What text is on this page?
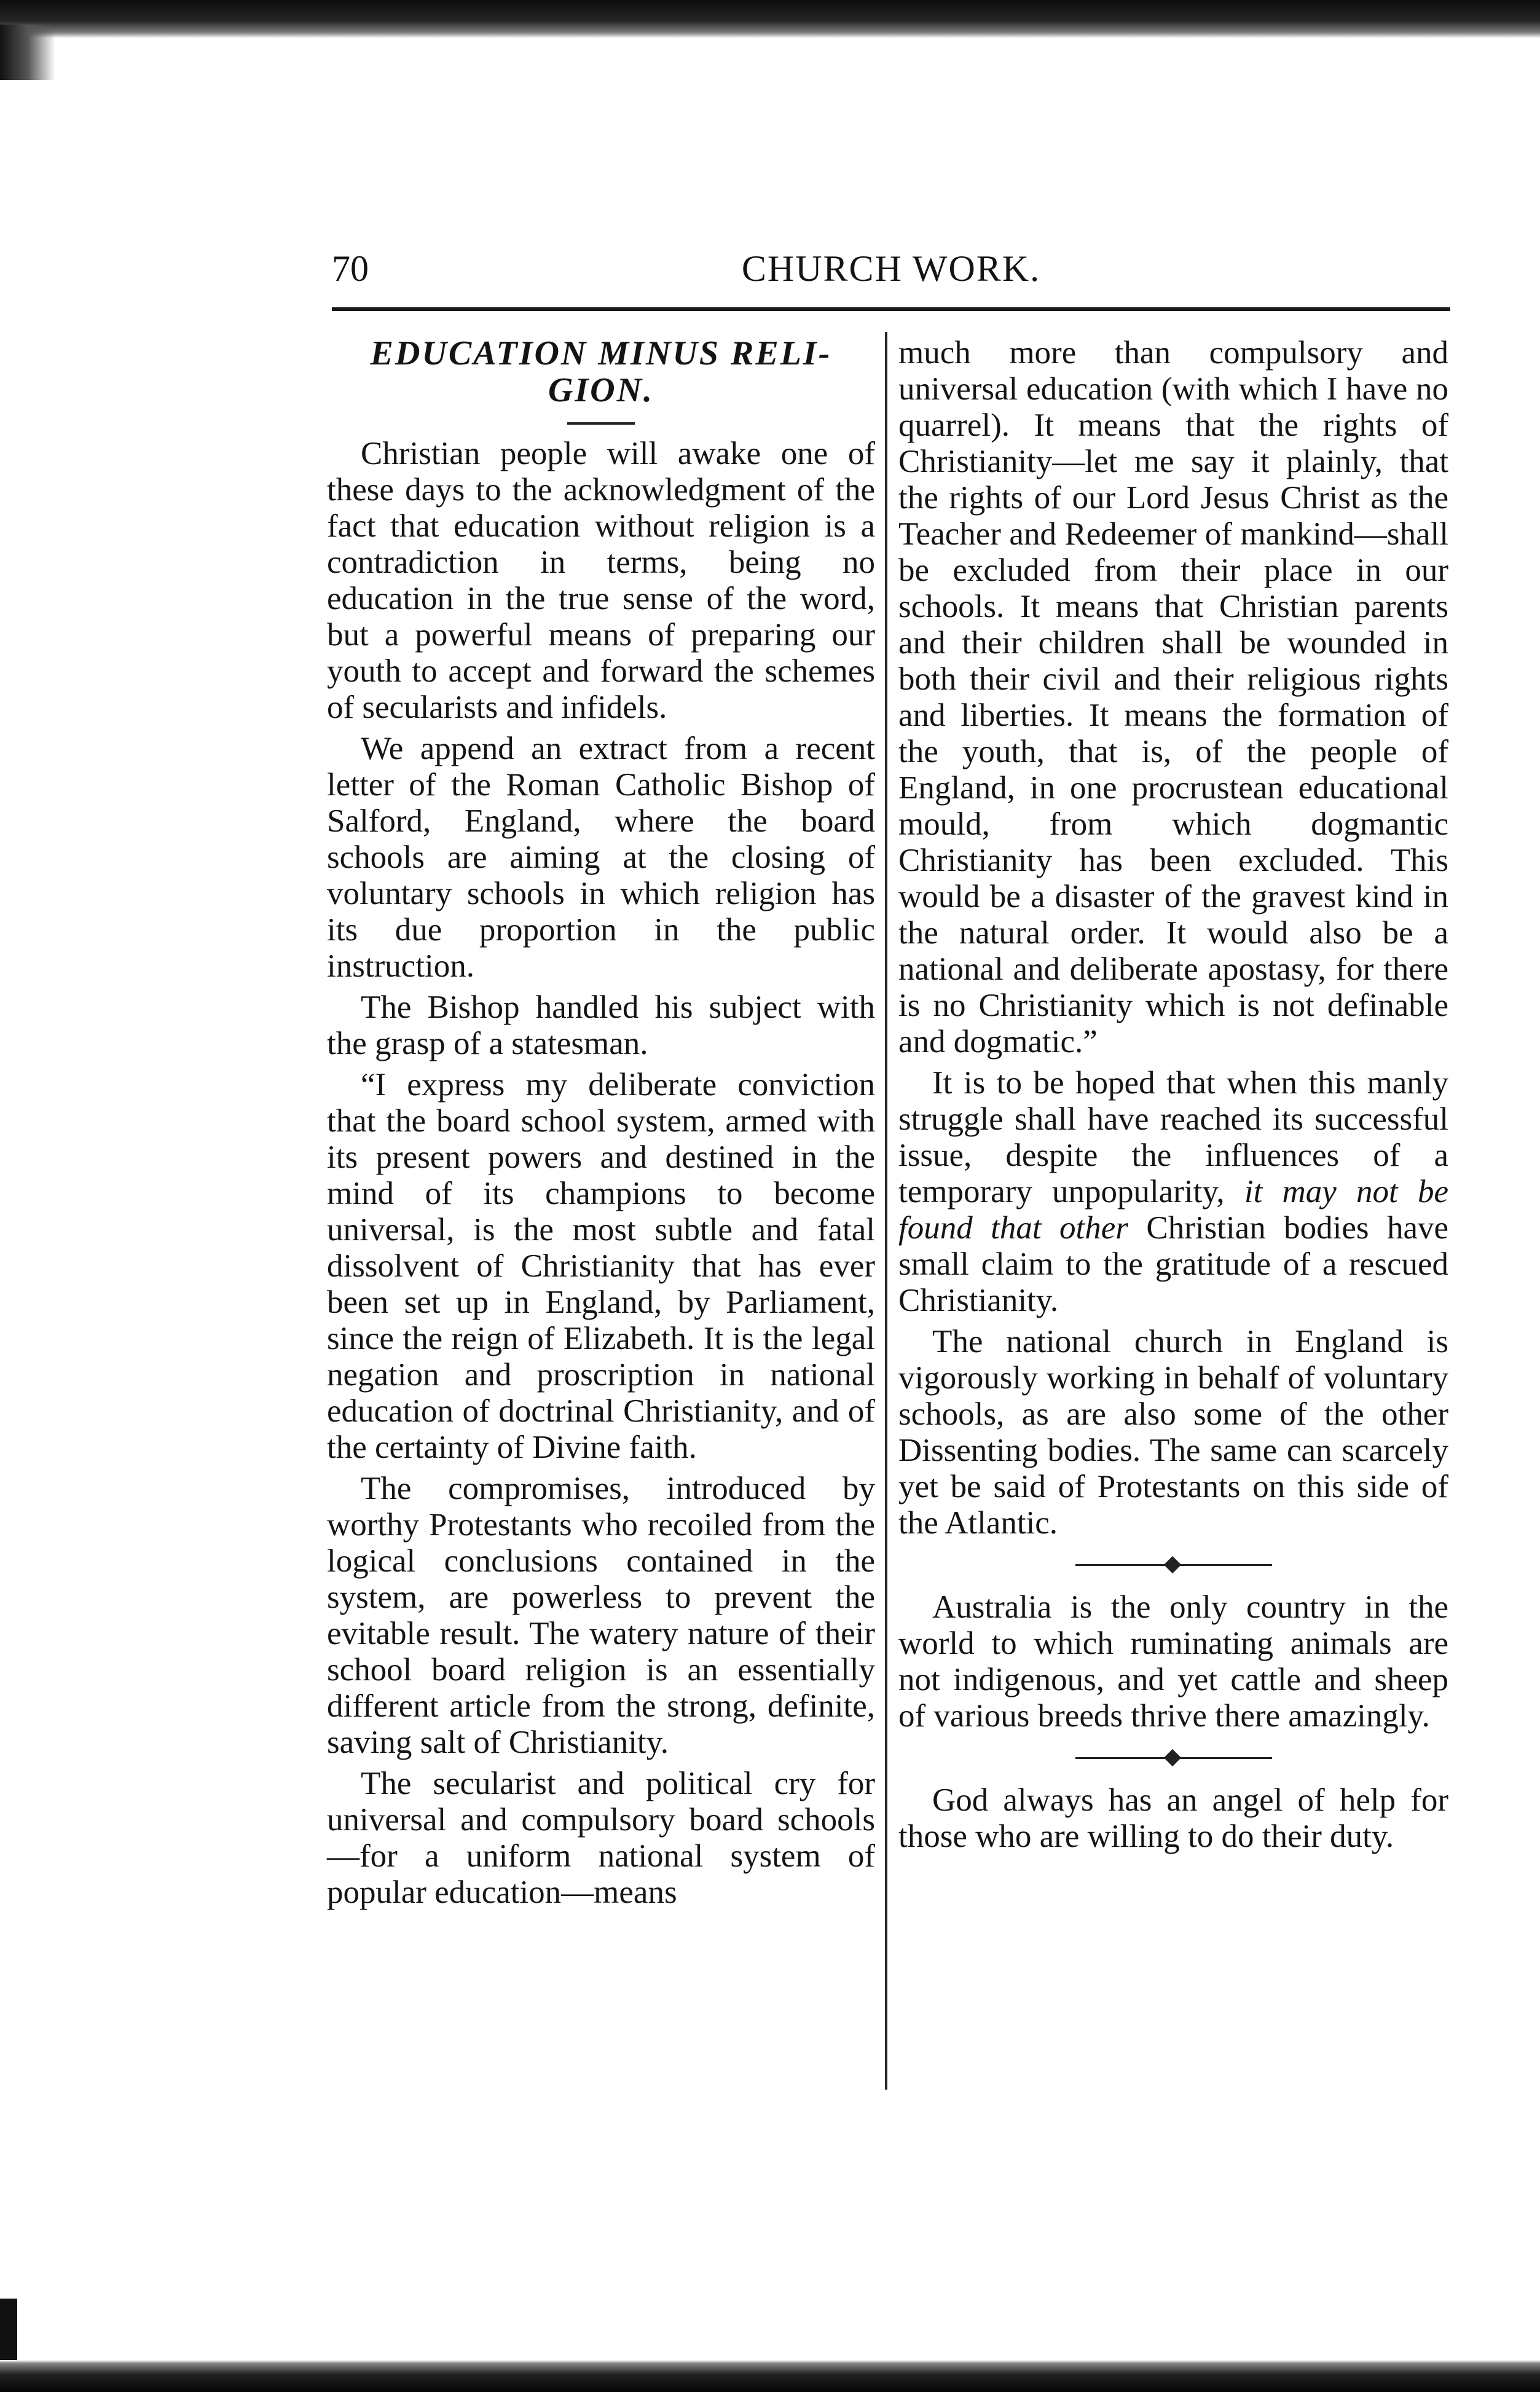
70	CHURCH WORK.
EDUCATION MINUS RELI-
GION.

Christian people will awake one of these days to the acknowledgment of the fact that education without religion is a contradiction in terms, being no education in the true sense of the word, but a powerful means of preparing our youth to accept and forward the schemes of secularists and infidels.

We append an extract from a recent letter of the Roman Catholic Bishop of Salford, England, where the board schools are aiming at the closing of voluntary schools in which religion has its due proportion in the public instruction.

The Bishop handled his subject with the grasp of a statesman.

“I express my deliberate conviction that the board school system, armed with its present powers and destined in the mind of its champions to become universal, is the most subtle and fatal dissolvent of Christianity that has ever been set up in England, by Parliament, since the reign of Elizabeth. It is the legal negation and proscription in national education of doctrinal Christianity, and of the certainty of Divine faith.

The compromises, introduced by worthy Protestants who recoiled from the logical conclusions contained in the system, are powerless to prevent the evitable result. The watery nature of their school board religion is an essentially different article from the strong, definite, saving salt of Christianity.

The secularist and political cry for universal and compulsory board schools—for a uniform national system of popular education—means

much more than compulsory and universal education (with which I have no quarrel). It means that the rights of Christianity—let me say it plainly, that the rights of our Lord Jesus Christ as the Teacher and Redeemer of mankind—shall be excluded from their place in our schools. It means that Christian parents and their children shall be wounded in both their civil and their religious rights and liberties. It means the formation of the youth, that is, of the people of England, in one procrustean educational mould, from which dogmantic Christianity has been excluded. This would be a disaster of the gravest kind in the natural order. It would also be a national and deliberate apostasy, for there is no Christianity which is not definable and dogmatic.”

It is to be hoped that when this manly struggle shall have reached its successful issue, despite the influences of a temporary unpopularity, it may not be found that other Christian bodies have small claim to the gratitude of a rescued Christianity.

The national church in England is vigorously working in behalf of voluntary schools, as are also some of the other Dissenting bodies. The same can scarcely yet be said of Protestants on this side of the Atlantic.

Australia is the only country in the world to which ruminating animals are not indigenous, and yet cattle and sheep of various breeds thrive there amazingly.

God always has an angel of help for those who are willing to do their duty.
